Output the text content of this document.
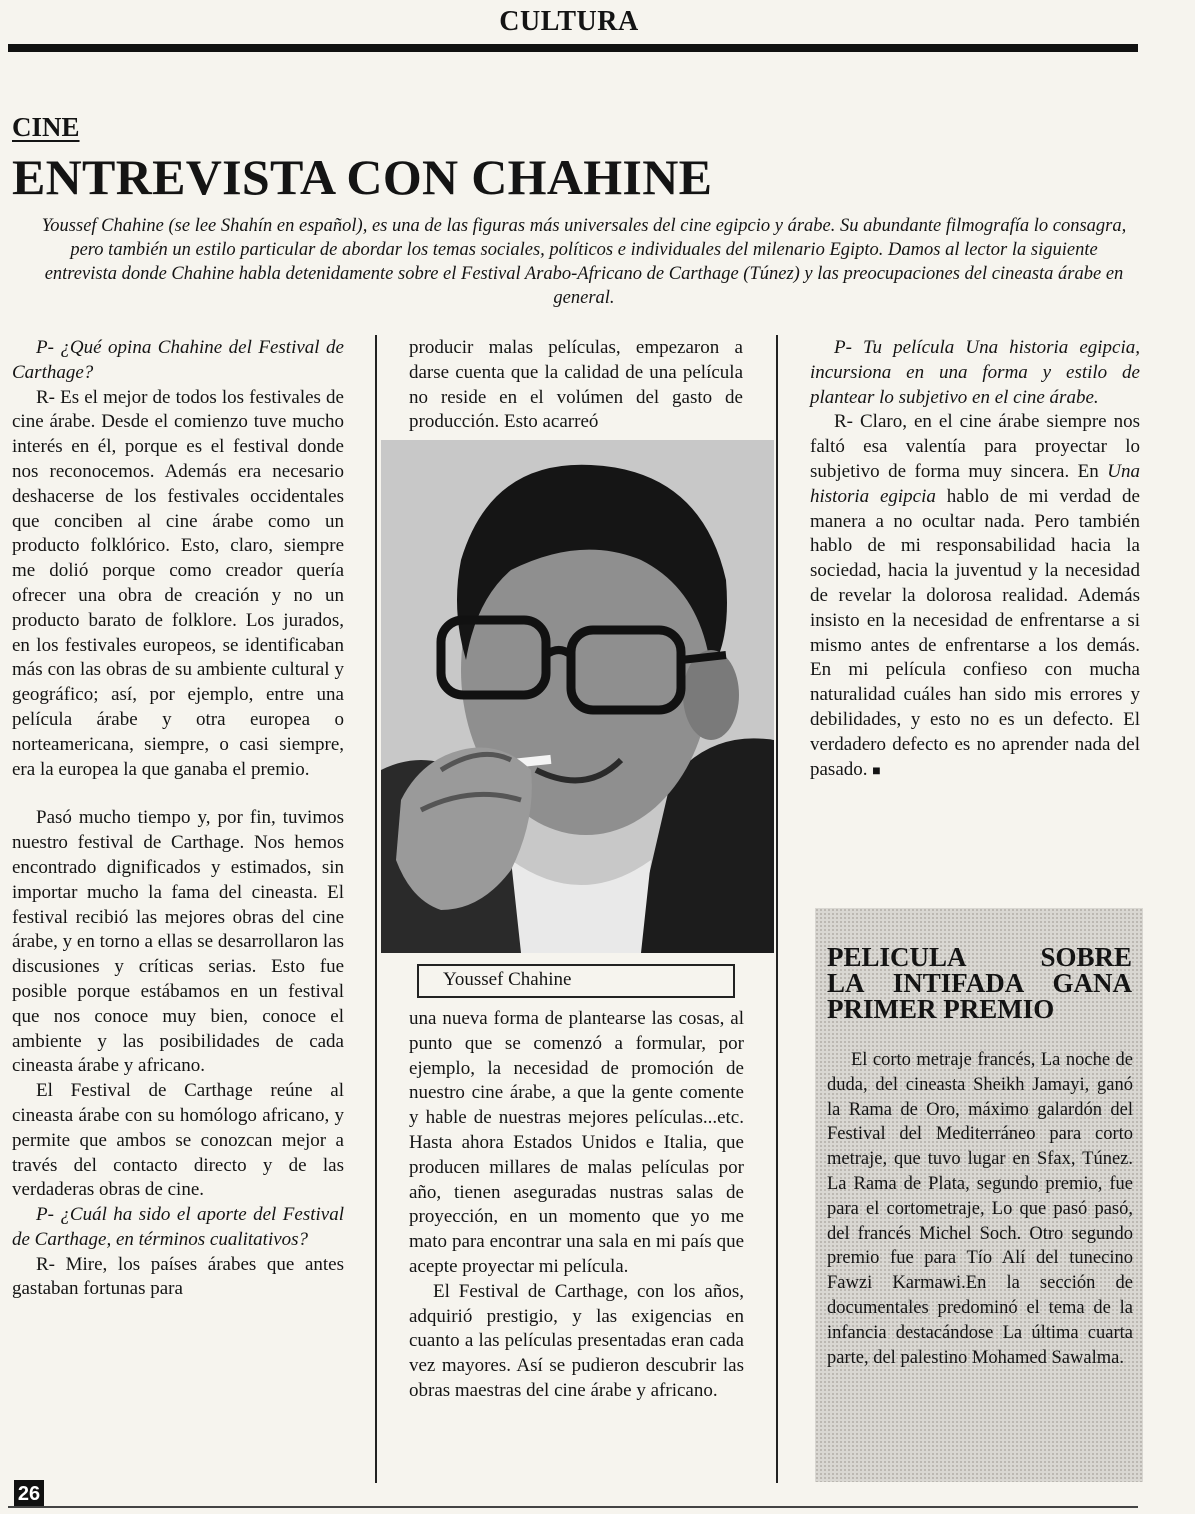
CULTURA
CINE
ENTREVISTA CON CHAHINE
Youssef Chahine (se lee Shahín en español), es una de las figuras más universales del cine egipcio y árabe. Su abundante filmografía lo consagra, pero también un estilo particular de abordar los temas sociales, políticos e individuales del milenario Egipto. Damos al lector la siguiente entrevista donde Chahine habla detenidamente sobre el Festival Arabo-Africano de Carthage (Túnez) y las preocupaciones del cineasta árabe en general.

P- ¿Qué opina Chahine del Festival de Carthage?

R- Es el mejor de todos los festivales de cine árabe. Desde el comienzo tuve mucho interés en él, porque es el festival donde nos reconocemos. Además era necesario deshacerse de los festivales occidentales que conciben al cine árabe como un producto folklórico. Esto, claro, siempre me dolió porque como creador quería ofrecer una obra de creación y no un producto barato de folklore. Los jurados, en los festivales europeos, se identificaban más con las obras de su ambiente cultural y geográfico; así, por ejemplo, entre una película árabe y otra europea o norteamericana, siempre, o casi siempre, era la europea la que ganaba el premio.

Pasó mucho tiempo y, por fin, tuvimos nuestro festival de Carthage. Nos hemos encontrado dignificados y estimados, sin importar mucho la fama del cineasta. El festival recibió las mejores obras del cine árabe, y en torno a ellas se desarrollaron las discusiones y críticas serias. Esto fue posible porque estábamos en un festival que nos conoce muy bien, conoce el ambiente y las posibilidades de cada cineasta árabe y africano.

El Festival de Carthage reúne al cineasta árabe con su homólogo africano, y permite que ambos se conozcan mejor a través del contacto directo y de las verdaderas obras de cine.

P- ¿Cuál ha sido el aporte del Festival de Carthage, en términos cualitativos?

R- Mire, los países árabes que antes gastaban fortunas para

producir malas películas, empezaron a darse cuenta que la calidad de una película no reside en el volúmen del gasto de producción. Esto acarreó

Youssef Chahine

una nueva forma de plantearse las cosas, al punto que se comenzó a formular, por ejemplo, la necesidad de promoción de nuestro cine árabe, a que la gente comente y hable de nuestras mejores películas...etc. Hasta ahora Estados Unidos e Italia, que producen millares de malas películas por año, tienen aseguradas nustras salas de proyección, en un momento que yo me mato para encontrar una sala en mi país que acepte proyectar mi película.

El Festival de Carthage, con los años, adquirió prestigio, y las exigencias en cuanto a las películas presentadas eran cada vez mayores. Así se pudieron descubrir las obras maestras del cine árabe y africano.

P- Tu película Una historia egipcia, incursiona en una forma y estilo de plantear lo subjetivo en el cine árabe.

R- Claro, en el cine árabe siempre nos faltó esa valentía para proyectar lo subjetivo de forma muy sincera. En Una historia egipcia hablo de mi verdad de manera a no ocultar nada. Pero también hablo de mi responsabilidad hacia la sociedad, hacia la juventud y la necesidad de revelar la dolorosa realidad. Además insisto en la necesidad de enfrentarse a si mismo antes de enfrentarse a los demás. En mi película confieso con mucha naturalidad cuáles han sido mis errores y debilidades, y esto no es un defecto. El verdadero defecto es no aprender nada del pasado. ■

PELICULA SOBRE
LA INTIFADA GANA
PRIMER PREMIO

El corto metraje francés, La noche de duda, del cineasta Sheikh Jamayi, ganó la Rama de Oro, máximo galardón del Festival del Mediterráneo para corto metraje, que tuvo lugar en Sfax, Túnez. La Rama de Plata, segundo premio, fue para el cortometraje, Lo que pasó pasó, del francés Michel Soch. Otro segundo premio fue para Tío Alí del tunecino Fawzi Karmawi.En la sección de documentales predominó el tema de la infancia destacándose La última cuarta parte, del palestino Mohamed Sawalma.

26
